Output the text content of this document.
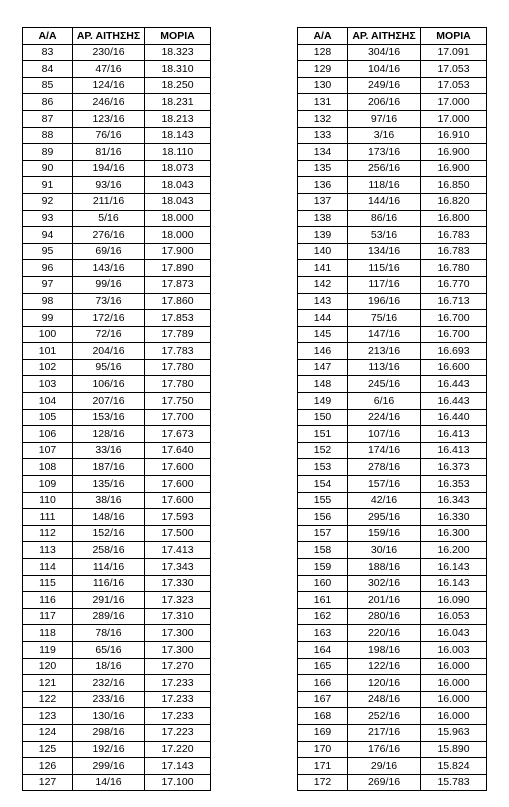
Α/Α	ΑΡ. ΑΙΤΗΣΗΣ	ΜΟΡΙΑ
83	230/16	18.323
84	47/16	18.310
85	124/16	18.250
86	246/16	18.231
87	123/16	18.213
88	76/16	18.143
89	81/16	18.110
90	194/16	18.073
91	93/16	18.043
92	211/16	18.043
93	5/16	18.000
94	276/16	18.000
95	69/16	17.900
96	143/16	17.890
97	99/16	17.873
98	73/16	17.860
99	172/16	17.853
100	72/16	17.789
101	204/16	17.783
102	95/16	17.780
103	106/16	17.780
104	207/16	17.750
105	153/16	17.700
106	128/16	17.673
107	33/16	17.640
108	187/16	17.600
109	135/16	17.600
110	38/16	17.600
111	148/16	17.593
112	152/16	17.500
113	258/16	17.413
114	114/16	17.343
115	116/16	17.330
116	291/16	17.323
117	289/16	17.310
118	78/16	17.300
119	65/16	17.300
120	18/16	17.270
121	232/16	17.233
122	233/16	17.233
123	130/16	17.233
124	298/16	17.223
125	192/16	17.220
126	299/16	17.143
127	14/16	17.100
Α/Α	ΑΡ. ΑΙΤΗΣΗΣ	ΜΟΡΙΑ
128	304/16	17.091
129	104/16	17.053
130	249/16	17.053
131	206/16	17.000
132	97/16	17.000
133	3/16	16.910
134	173/16	16.900
135	256/16	16.900
136	118/16	16.850
137	144/16	16.820
138	86/16	16.800
139	53/16	16.783
140	134/16	16.783
141	115/16	16.780
142	117/16	16.770
143	196/16	16.713
144	75/16	16.700
145	147/16	16.700
146	213/16	16.693
147	113/16	16.600
148	245/16	16.443
149	6/16	16.443
150	224/16	16.440
151	107/16	16.413
152	174/16	16.413
153	278/16	16.373
154	157/16	16.353
155	42/16	16.343
156	295/16	16.330
157	159/16	16.300
158	30/16	16.200
159	188/16	16.143
160	302/16	16.143
161	201/16	16.090
162	280/16	16.053
163	220/16	16.043
164	198/16	16.003
165	122/16	16.000
166	120/16	16.000
167	248/16	16.000
168	252/16	16.000
169	217/16	15.963
170	176/16	15.890
171	29/16	15.824
172	269/16	15.783
